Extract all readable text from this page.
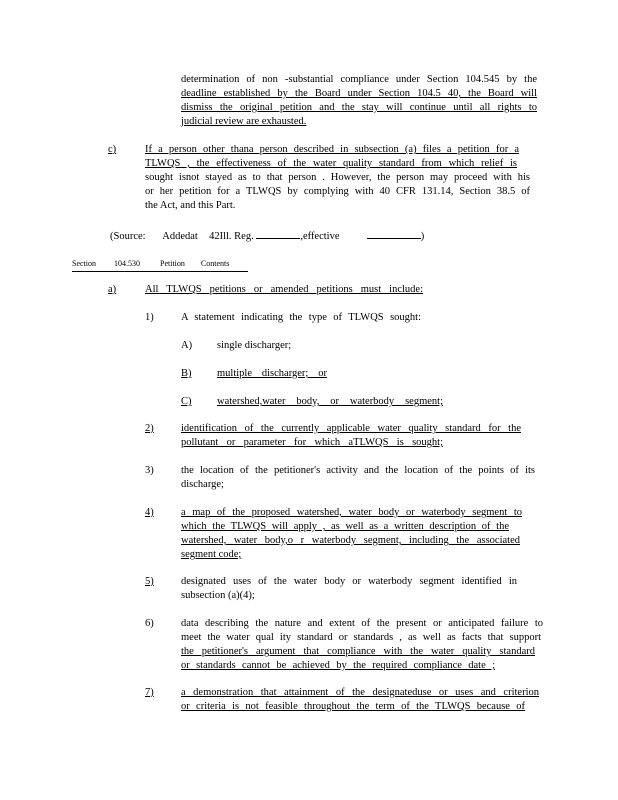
determination of non -substantial compliance under Section 104.545 by the
deadline established by the Board under Section 104.5 40, the Board will
dismiss the original petition and the stay will continue until all rights to
judicial review are exhausted.
c)	If a person other thana person described in subsection (a) files a petition for a
TLWQS , the effectiveness of the water quality standard from which relief is
sought isnot stayed as to that person . However, the person may proceed with his
or her petition for a TLWQS by complying with 40 CFR 131.14, Section 38.5 of
the Act, and this Part.
(Source: Addedat 42Ill. Reg.	,effective	)
Section 104.530	Petition Contents
a)	All TLWQS petitions or amended petitions must include:
1)	A statement indicating the type of TLWQS sought:
A) single discharger;
B) multiple discharger; or
C) watershed,water body, or waterbody segment;
2)	identification of the currently applicable water quality standard for the
pollutant or parameter for which aTLWQS is sought;
3)	the location of the petitioner's activity and the location of the points of its
discharge;
4)	a map of the proposed watershed, water body or waterbody segment to
which the TLWQS will apply , as well as a written description of the
watershed, water body,o r waterbody segment, including the associated
segment code;
5)	designated uses of the water body or waterbody segment identified in
subsection (a)(4);
6)	data describing the nature and extent of the present or anticipated failure to
meet the water qual ity standard or standards , as well as facts that support
the petitioner's argument that compliance with the water quality standard
or standards cannot be achieved by the required compliance date ;
7)	a demonstration that attainment of the designateduse or uses and criterion
or criteria is not feasible throughout the term of the TLWQS because of
